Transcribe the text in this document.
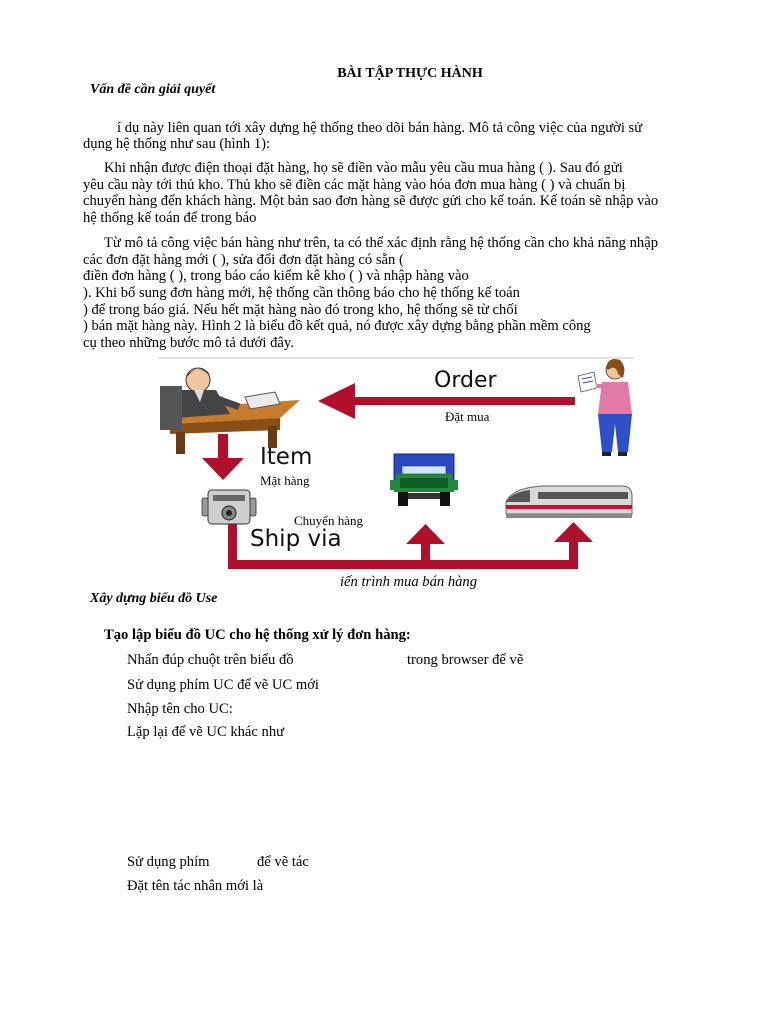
BÀI TẬP THỰC HÀNH
Vấn đề cần giải quyết
í dụ này liên quan tới xây dựng hệ thống theo dõi bán hàng. Mô tả công việc của người sử
dụng hệ thống như sau (hình 1):
Khi nhận được điện thoại đặt hàng, họ sẽ điền vào mẫu yêu cầu mua hàng ( ). Sau đó gửi
yêu cầu này tới thủ kho. Thủ kho sẽ điền các mặt hàng vào hóa đơn mua hàng ( ) và chuẩn bị
chuyển hàng đến khách hàng. Một bản sao đơn hàng sẽ được gửi cho kế toán. Kế toán sẽ nhập vào
hệ thống kế toán để trong báo
Từ mô tả công việc bán hàng như trên, ta có thể xác định rằng hệ thống cần cho khả năng nhập
các đơn đặt hàng mới ( ), sửa đổi đơn đặt hàng có sẵn (
điền đơn hàng ( ), trong báo cáo kiểm kê kho ( ) và nhập hàng vào
). Khi bổ sung đơn hàng mới, hệ thống cần thông báo cho hệ thống kế toán
) để trong báo giá. Nếu hết mặt hàng nào đó trong kho, hệ thống sẽ từ chối
) bán mặt hàng này. Hình 2 là biểu đồ kết quả, nó được xây dựng bằng phần mềm công
cụ theo những bước mô tả dưới đây.
Order
Đặt mua
Item
Mặt hàng
Chuyển hàng
Ship via
iến trình mua bán hàng
Xây dựng biểu đồ Use
Tạo lập biểu đồ UC cho hệ thống xử lý đơn hàng:
Nhấn đúp chuột trên biểu đồ	trong browser để vẽ
Sử dụng phím UC để vẽ UC mới
Nhập tên cho UC:
Lặp lại để vẽ UC khác như
Sử dụng phím	để vẽ tác
Đặt tên tác nhân mới là
